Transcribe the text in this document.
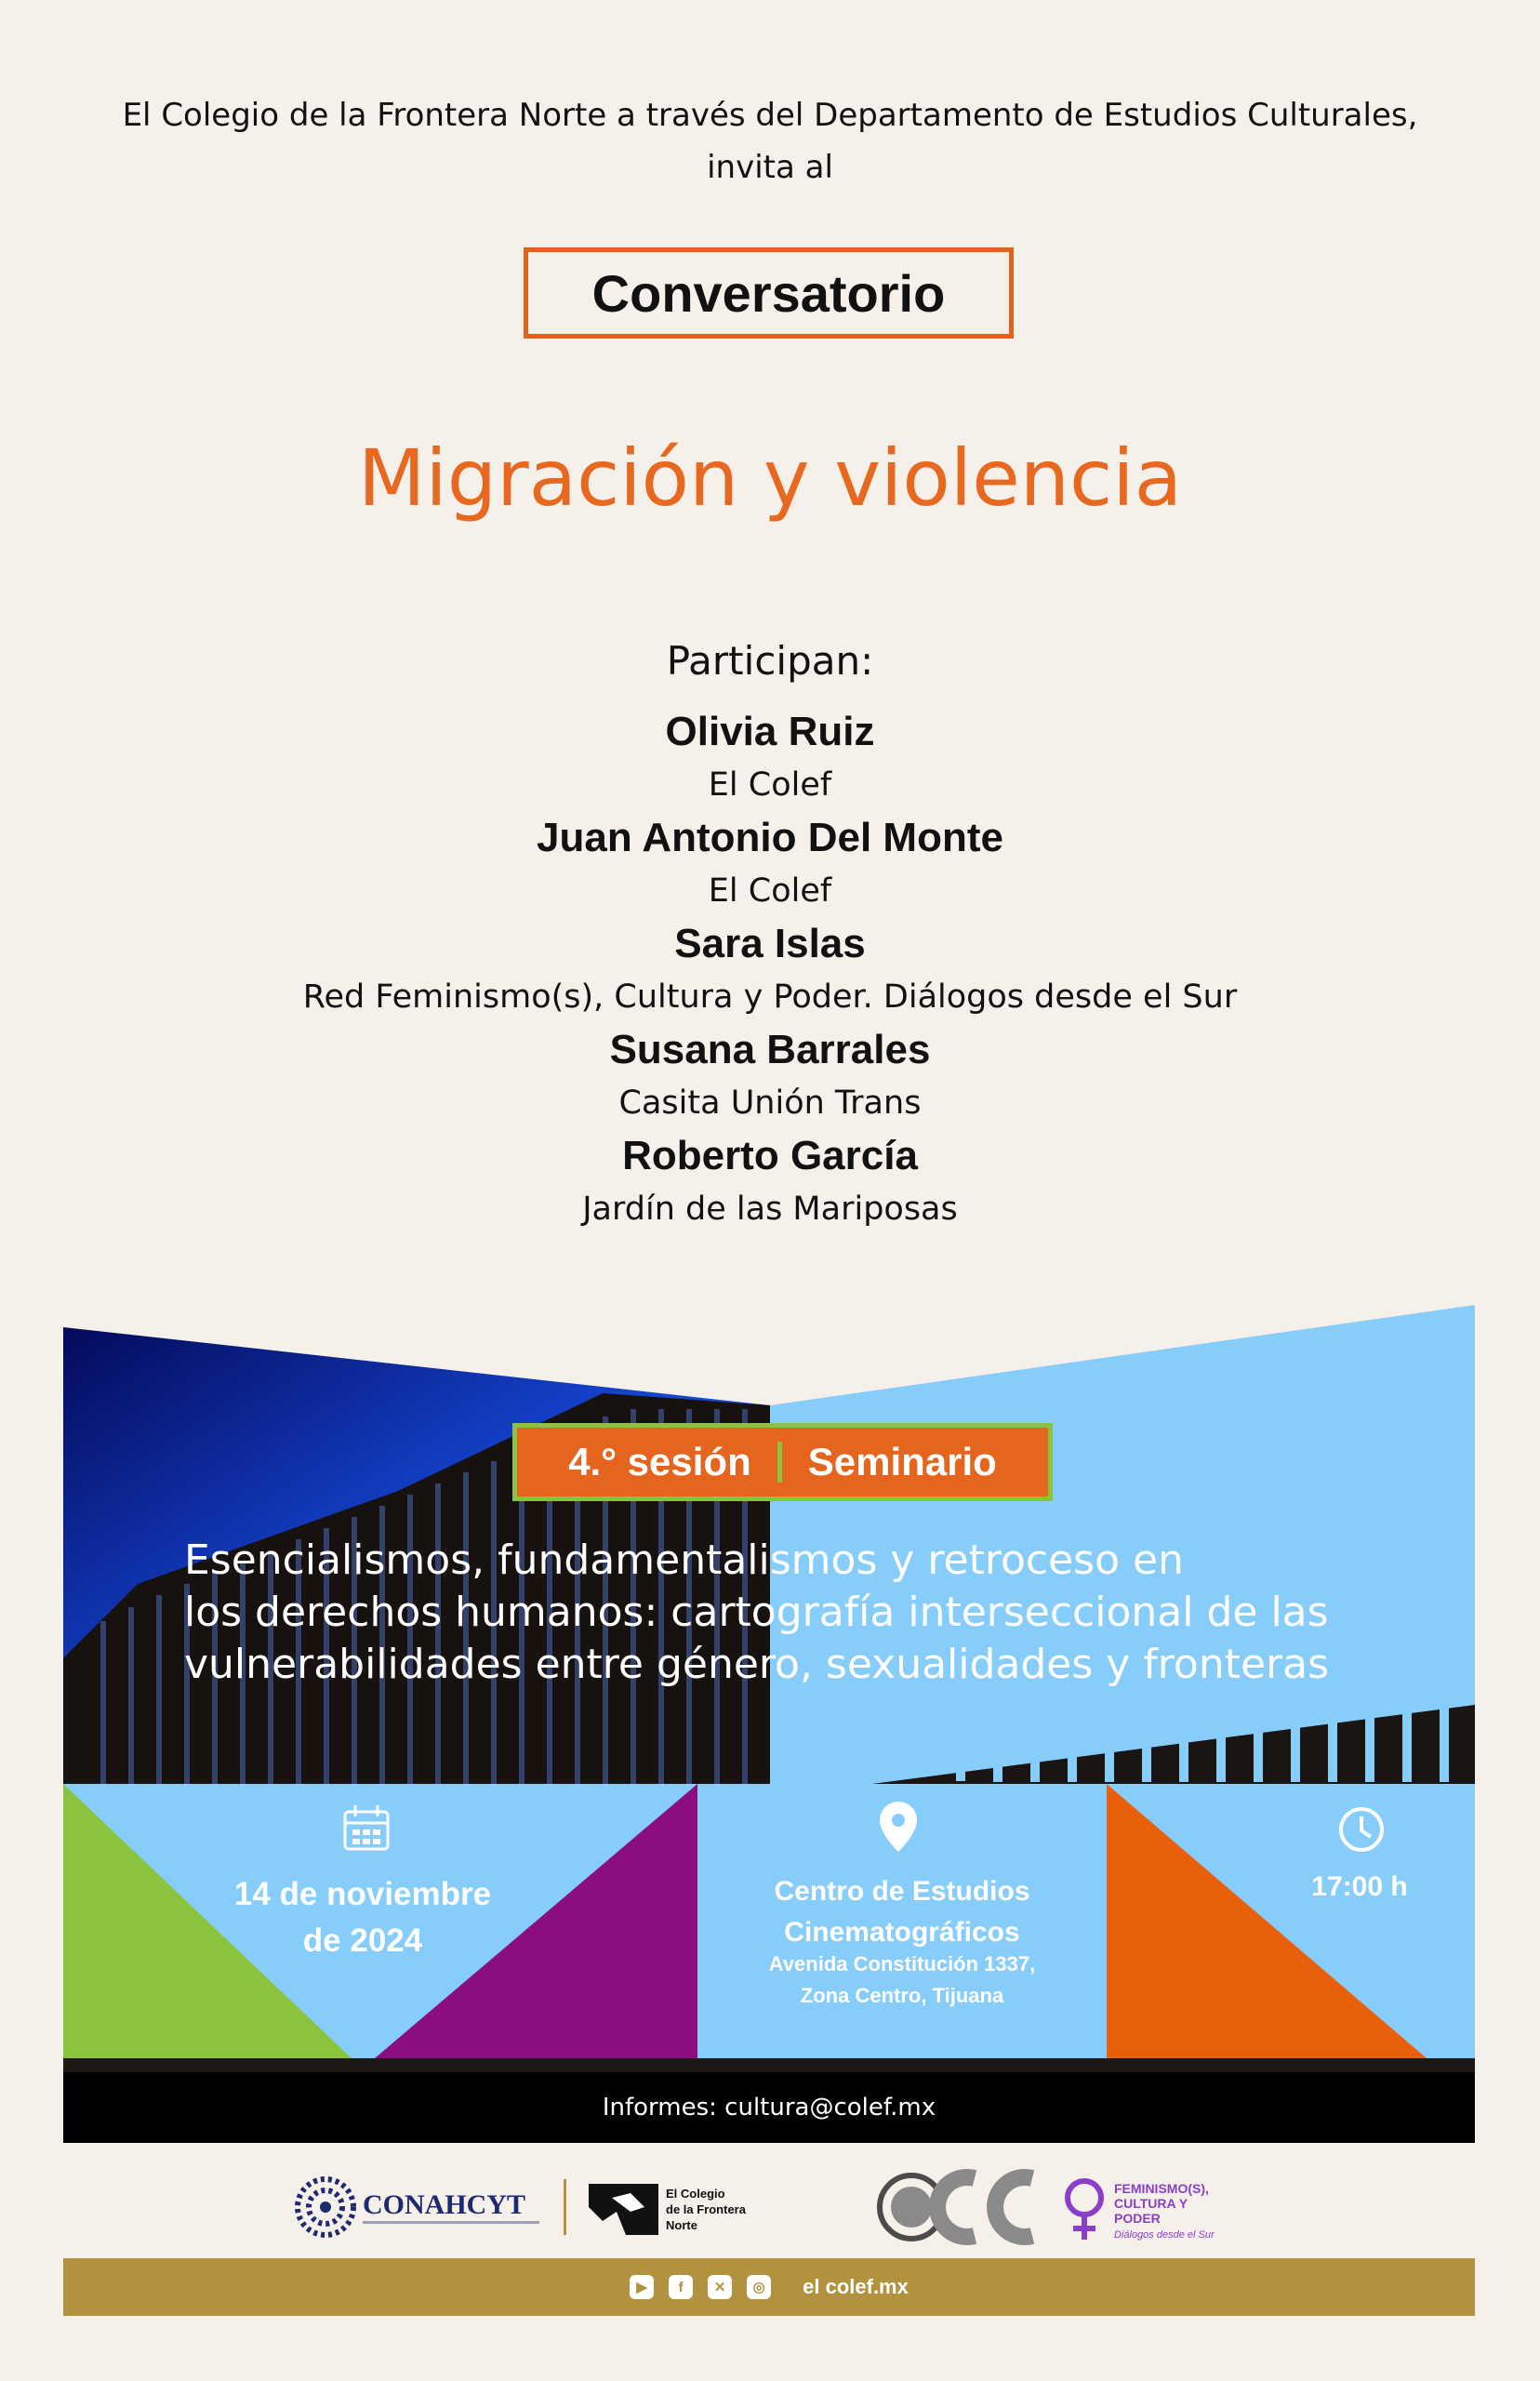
El Colegio de la Frontera Norte a través del Departamento de Estudios Culturales,
invita al
Conversatorio
Migración y violencia
Participan:
Olivia Ruiz
El Colef
Juan Antonio Del Monte
El Colef
Sara Islas
Red Feminismo(s), Cultura y Poder. Diálogos desde el Sur
Susana Barrales
Casita Unión Trans
Roberto García
Jardín de las Mariposas
4.° sesión Seminario
Esencialismos, fundamentalismos y retroceso en
los derechos humanos: cartografía interseccional de las
vulnerabilidades entre género, sexualidades y fronteras
14 de noviembre
de 2024
Centro de Estudios
Cinematográficos
Avenida Constitución 1337,
Zona Centro, Tijuana
17:00 h
Informes: cultura@colef.mx
CONAHCYT	El Colegio
de la Frontera
Norte
FEMINISMO(S),
CULTURA Y
PODER
Diálogos desde el Sur
▶	f	✕	◎ el colef.mx
